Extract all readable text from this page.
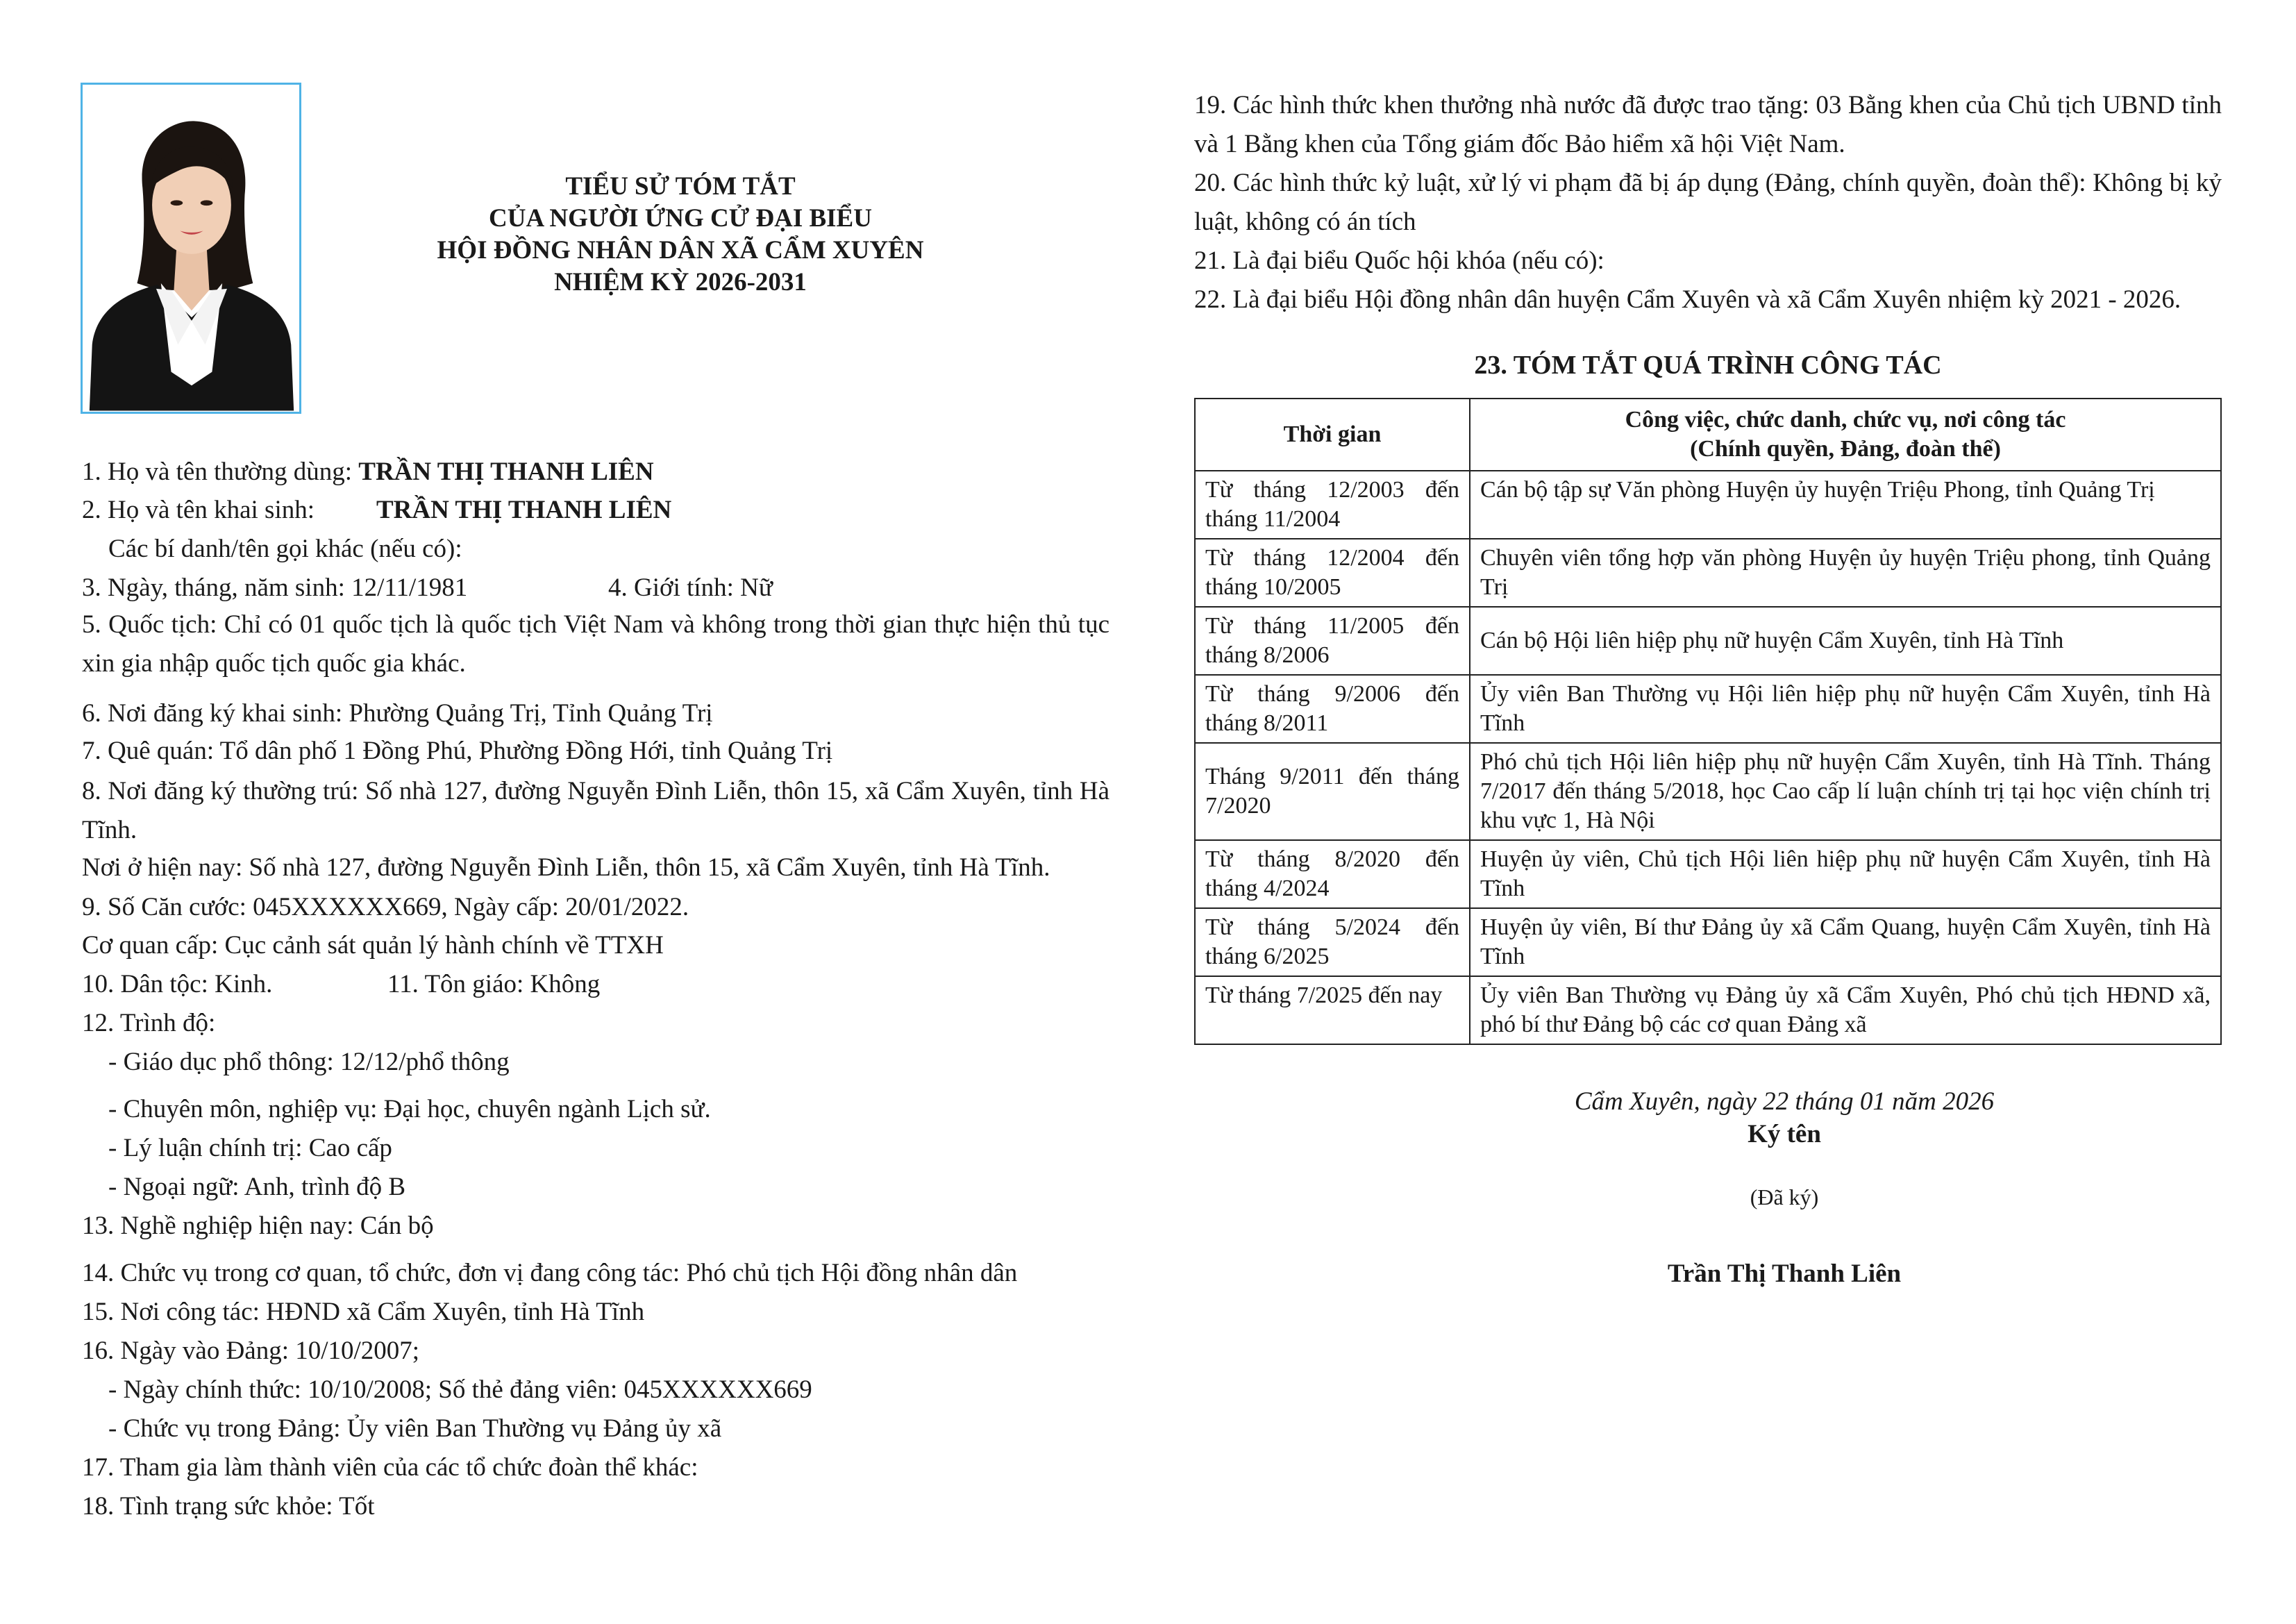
TIỂU SỬ TÓM TẮT
CỦA NGƯỜI ỨNG CỬ ĐẠI BIỂU
HỘI ĐỒNG NHÂN DÂN XÃ CẨM XUYÊN
NHIỆM KỲ 2026-2031
1. Họ và tên thường dùng: TRẦN THỊ THANH LIÊN
2. Họ và tên khai sinh: TRẦN THỊ THANH LIÊN
Các bí danh/tên gọi khác (nếu có):
3. Ngày, tháng, năm sinh: 12/11/1981	4. Giới tính: Nữ
5. Quốc tịch: Chỉ có 01 quốc tịch là quốc tịch Việt Nam và không trong thời gian thực hiện thủ tục xin gia nhập quốc tịch quốc gia khác.
6. Nơi đăng ký khai sinh: Phường Quảng Trị, Tỉnh Quảng Trị
7. Quê quán: Tổ dân phố 1 Đồng Phú, Phường Đồng Hới, tỉnh Quảng Trị
8. Nơi đăng ký thường trú: Số nhà 127, đường Nguyễn Đình Liễn, thôn 15, xã Cẩm Xuyên, tỉnh Hà Tĩnh.
Nơi ở hiện nay: Số nhà 127, đường Nguyễn Đình Liễn, thôn 15, xã Cẩm Xuyên, tỉnh Hà Tĩnh.
9. Số Căn cước: 045XXXXXX669, Ngày cấp: 20/01/2022.
Cơ quan cấp: Cục cảnh sát quản lý hành chính về TTXH
10. Dân tộc: Kinh.	11. Tôn giáo: Không
12. Trình độ:
- Giáo dục phổ thông: 12/12/phổ thông
- Chuyên môn, nghiệp vụ: Đại học, chuyên ngành Lịch sử.
- Lý luận chính trị: Cao cấp
- Ngoại ngữ: Anh, trình độ B
13. Nghề nghiệp hiện nay: Cán bộ
14. Chức vụ trong cơ quan, tổ chức, đơn vị đang công tác: Phó chủ tịch Hội đồng nhân dân
15. Nơi công tác: HĐND xã Cẩm Xuyên, tỉnh Hà Tĩnh
16. Ngày vào Đảng: 10/10/2007;
- Ngày chính thức: 10/10/2008; Số thẻ đảng viên: 045XXXXXX669
- Chức vụ trong Đảng: Ủy viên Ban Thường vụ Đảng ủy xã
17. Tham gia làm thành viên của các tổ chức đoàn thể khác:
18. Tình trạng sức khỏe: Tốt
19. Các hình thức khen thưởng nhà nước đã được trao tặng: 03 Bằng khen của Chủ tịch UBND tỉnh và 1 Bằng khen của Tổng giám đốc Bảo hiểm xã hội Việt Nam.
20. Các hình thức kỷ luật, xử lý vi phạm đã bị áp dụng (Đảng, chính quyền, đoàn thể): Không bị kỷ luật, không có án tích
21. Là đại biểu Quốc hội khóa (nếu có):
22. Là đại biểu Hội đồng nhân dân huyện Cẩm Xuyên và xã Cẩm Xuyên nhiệm kỳ 2021 - 2026.
23. TÓM TẮT QUÁ TRÌNH CÔNG TÁC
Thời gian	Công việc, chức danh, chức vụ, nơi công tác
(Chính quyền, Đảng, đoàn thể)
Từ tháng 12/2003 đến tháng 11/2004	Cán bộ tập sự Văn phòng Huyện ủy huyện Triệu Phong, tỉnh Quảng Trị
Từ tháng 12/2004 đến tháng 10/2005	Chuyên viên tổng hợp văn phòng Huyện ủy huyện Triệu phong, tỉnh Quảng Trị
Từ tháng 11/2005 đến tháng 8/2006	Cán bộ Hội liên hiệp phụ nữ huyện Cẩm Xuyên, tỉnh Hà Tĩnh
Từ tháng 9/2006 đến tháng 8/2011	Ủy viên Ban Thường vụ Hội liên hiệp phụ nữ huyện Cẩm Xuyên, tỉnh Hà Tĩnh
Tháng 9/2011 đến tháng 7/2020	Phó chủ tịch Hội liên hiệp phụ nữ huyện Cẩm Xuyên, tỉnh Hà Tĩnh. Tháng 7/2017 đến tháng 5/2018, học Cao cấp lí luận chính trị tại học viện chính trị khu vực 1, Hà Nội
Từ tháng 8/2020 đến tháng 4/2024	Huyện ủy viên, Chủ tịch Hội liên hiệp phụ nữ huyện Cẩm Xuyên, tỉnh Hà Tĩnh
Từ tháng 5/2024 đến tháng 6/2025	Huyện ủy viên, Bí thư Đảng ủy xã Cẩm Quang, huyện Cẩm Xuyên, tỉnh Hà Tĩnh
Từ tháng 7/2025 đến nay	Ủy viên Ban Thường vụ Đảng ủy xã Cẩm Xuyên, Phó chủ tịch HĐND xã, phó bí thư Đảng bộ các cơ quan Đảng xã
Cẩm Xuyên, ngày 22 tháng 01 năm 2026
Ký tên
(Đã ký)
Trần Thị Thanh Liên
